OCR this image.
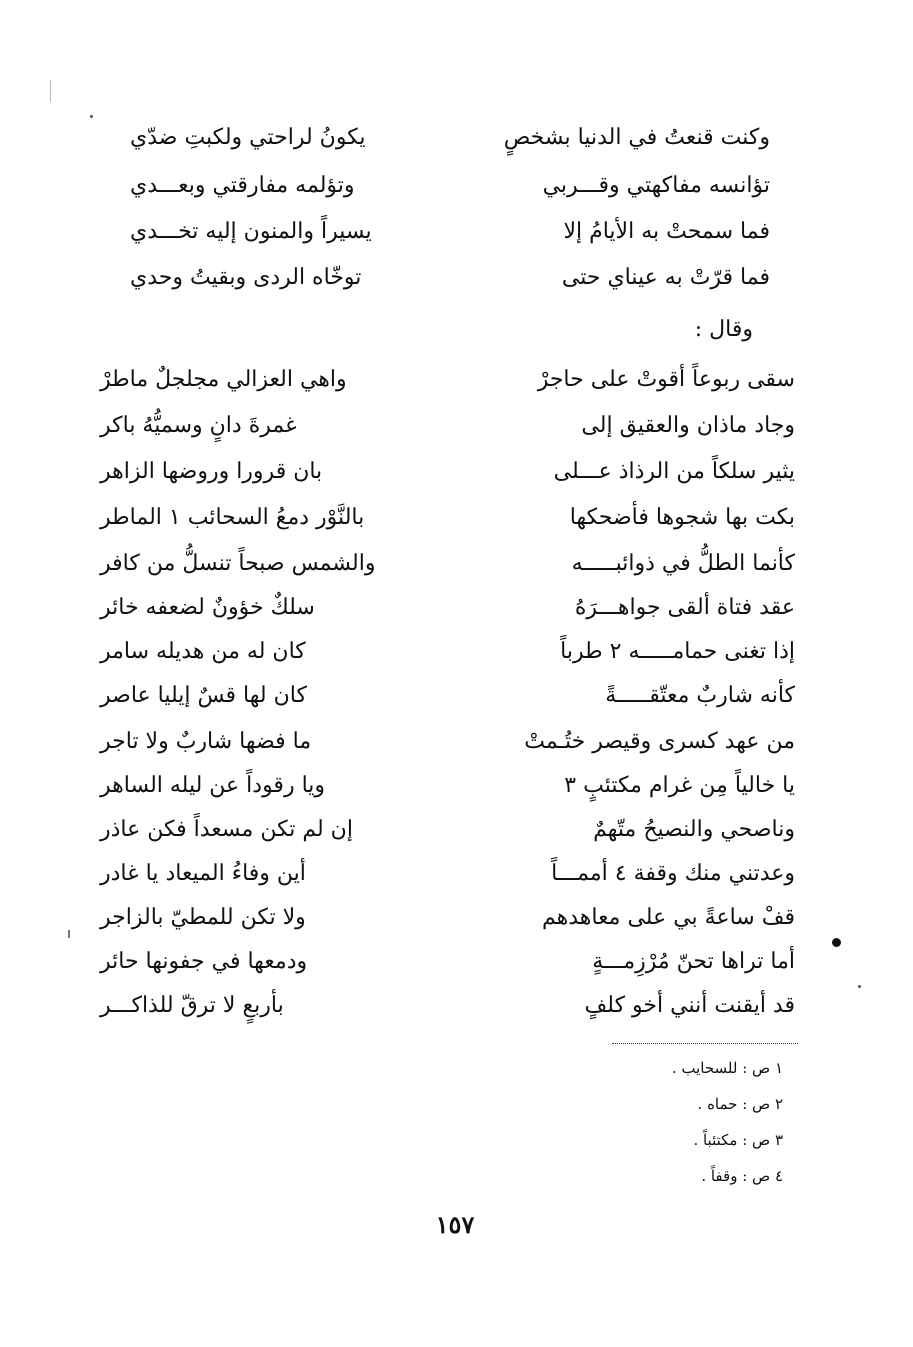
وكنت قنعتُ في الدنيا بشخصٍ
يكونُ لراحتي ولكبتِ ضدّي
تؤانسه مفاكهتي وقـــربي
وتؤلمه مفارقتي وبعـــدي
فما سمحتْ به الأيامُ إلا
يسيراً والمنون إليه تخـــدي
فما قرّتْ به عيناي حتى
توخّاه الردى وبقيتُ وحدي
وقال :
سقى ربوعاً أقوتْ على حاجرْ
واهي العزالي مجلجلٌ ماطرْ
وجاد ماذان والعقيق إلى
غمرةَ دانٍ وسميُّهُ باكر
يثير سلكاً من الرذاذ عـــلى
بان قرورا وروضها الزاهر
بكت بها شجوها فأضحكها
بالنَّوْر دمعُ السحائب ١ الماطر
كأنما الطلُّ في ذوائبـــــه
والشمس صبحاً تنسلُّ من كافر
عقد فتاة ألقى جواهـــرَهُ
سلكٌ خؤونٌ لضعفه خائر
إذا تغنى حمامـــــه ٢ طرباً
كان له من هديله سامر
كأنه شاربٌ معتّقـــــةً
كان لها قسٌ إيليا عاصر
من عهد كسرى وقيصر ختُـمتْ
ما فضها شاربٌ ولا تاجر
يا خالياً مِن غرام مكتئبٍ ٣
ويا رقوداً عن ليله الساهر
وناصحي والنصيحُ متّهمٌ
إن لم تكن مسعداً فكن عاذر
وعدتني منك وقفة ٤ أممـــاً
أين وفاءُ الميعاد يا غادر
قفْ ساعةً بي على معاهدهم
ولا تكن للمطيّ بالزاجر
أما تراها تحنّ مُرْزِمـــةٍ
ودمعها في جفونها حائر
قد أيقنت أنني أخو كلفٍ
بأربعٍ لا ترقّ للذاكـــر
١ ص : للسحايب .
٢ ص : حماه .
٣ ص : مكتئباً .
٤ ص : وقفاً .
١٥٧
